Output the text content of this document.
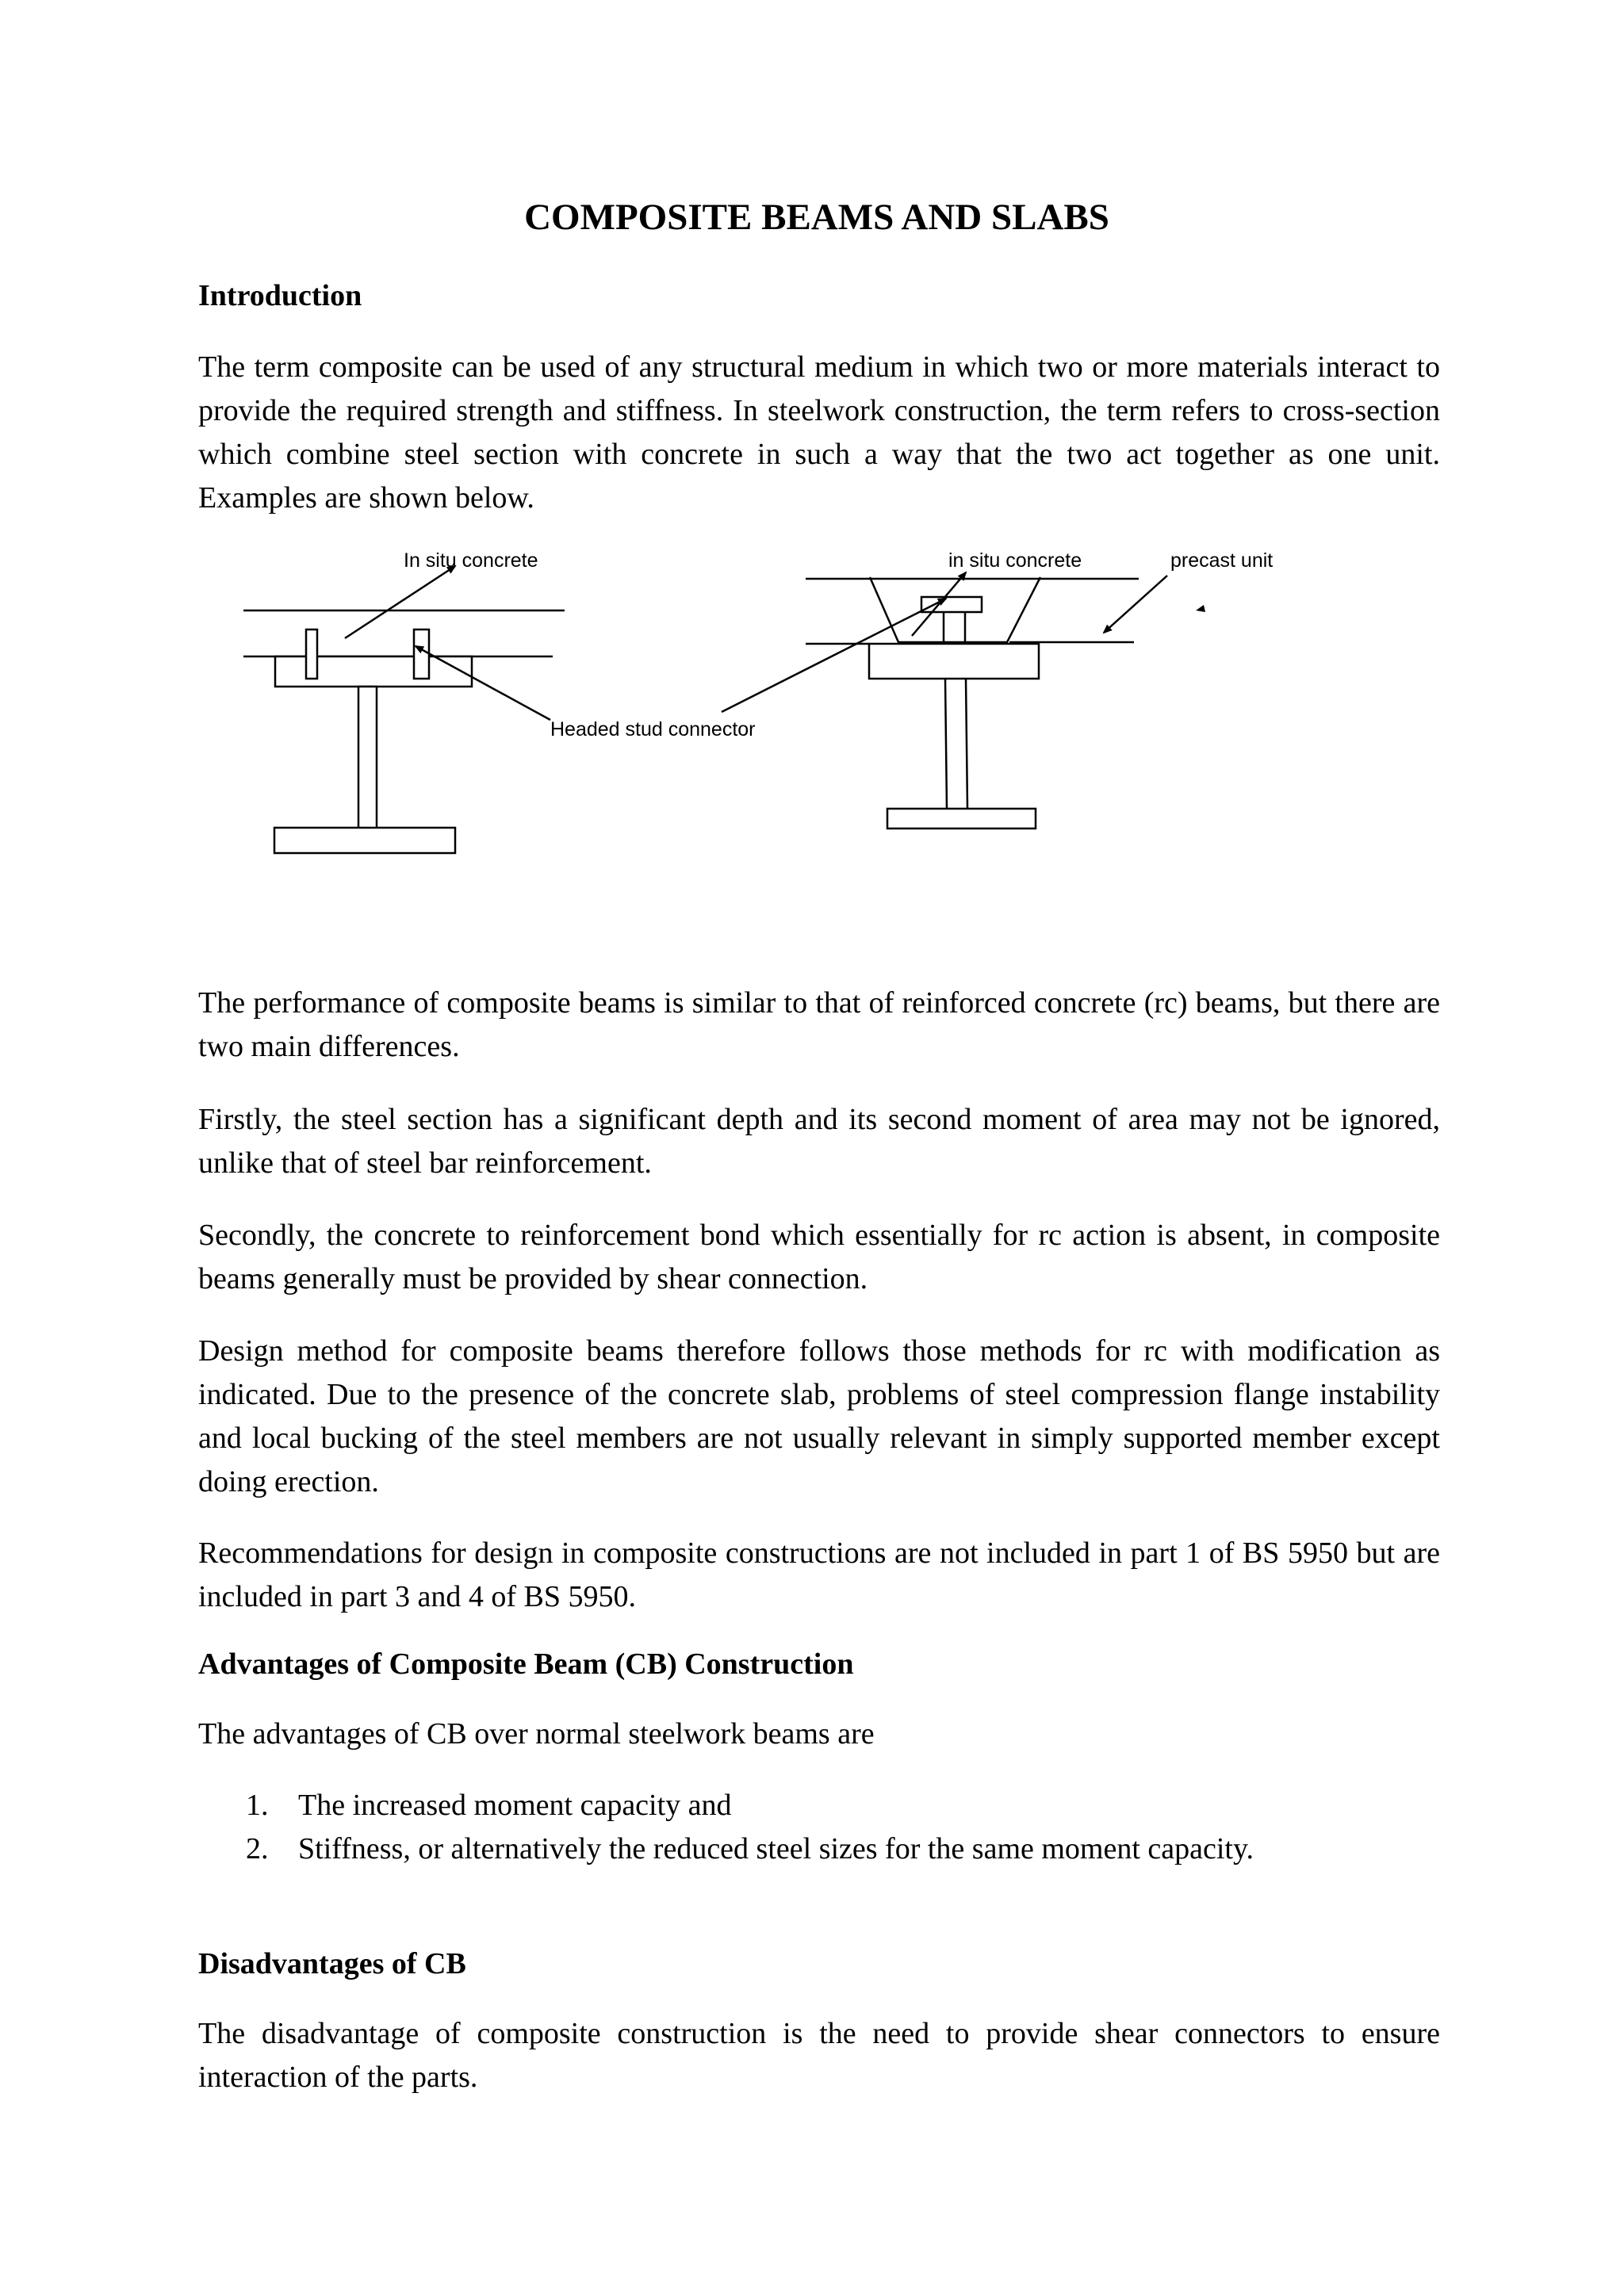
COMPOSITE BEAMS AND SLABS
Introduction

The term composite can be used of any structural medium in which two or more materials interact to provide the required strength and stiffness. In steelwork construction, the term refers to cross-section which combine steel section with concrete in such a way that the two act together as one unit. Examples are shown below.

In situ concrete	in situ concrete	precast unit
Headed stud connector

The performance of composite beams is similar to that of reinforced concrete (rc) beams, but there are two main differences.

Firstly, the steel section has a significant depth and its second moment of area may not be ignored, unlike that of steel bar reinforcement.

Secondly, the concrete to reinforcement bond which essentially for rc action is absent, in composite beams generally must be provided by shear connection.

Design method for composite beams therefore follows those methods for rc with modification as indicated. Due to the presence of the concrete slab, problems of steel compression flange instability and local bucking of the steel members are not usually relevant in simply supported member except doing erection.

Recommendations for design in composite constructions are not included in part 1 of BS 5950 but are included in part 3 and 4 of BS 5950.

Advantages of Composite Beam (CB) Construction

The advantages of CB over normal steelwork beams are

1. The increased moment capacity and
2. Stiffness, or alternatively the reduced steel sizes for the same moment capacity.
Disadvantages of CB

The disadvantage of composite construction is the need to provide shear connectors to ensure interaction of the parts.
